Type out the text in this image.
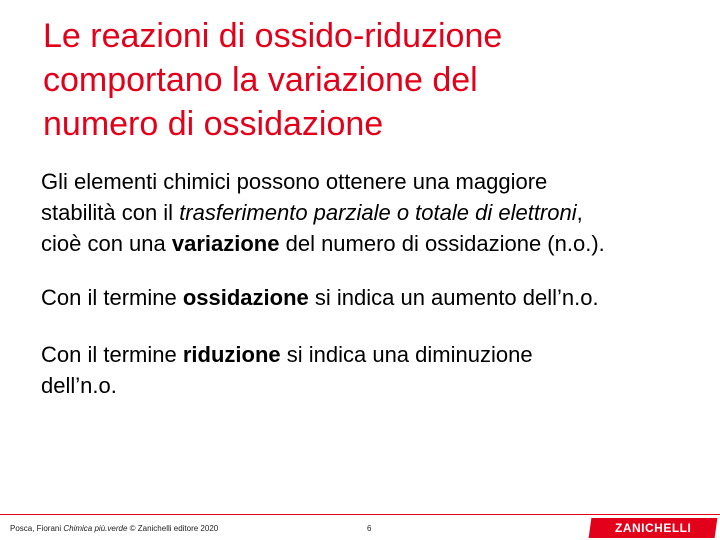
Le reazioni di ossido-riduzione
comportano la variazione del
numero di ossidazione

Gli elementi chimici possono ottenere una maggiore
stabilità con il trasferimento parziale o totale di elettroni,
cioè con una variazione del numero di ossidazione (n.o.).

Con il termine ossidazione si indica un aumento dell’n.o.

Con il termine riduzione si indica una diminuzione
dell’n.o.

Posca, Fiorani Chimica più.verde © Zanichelli editore 2020	6	ZANICHELLI
